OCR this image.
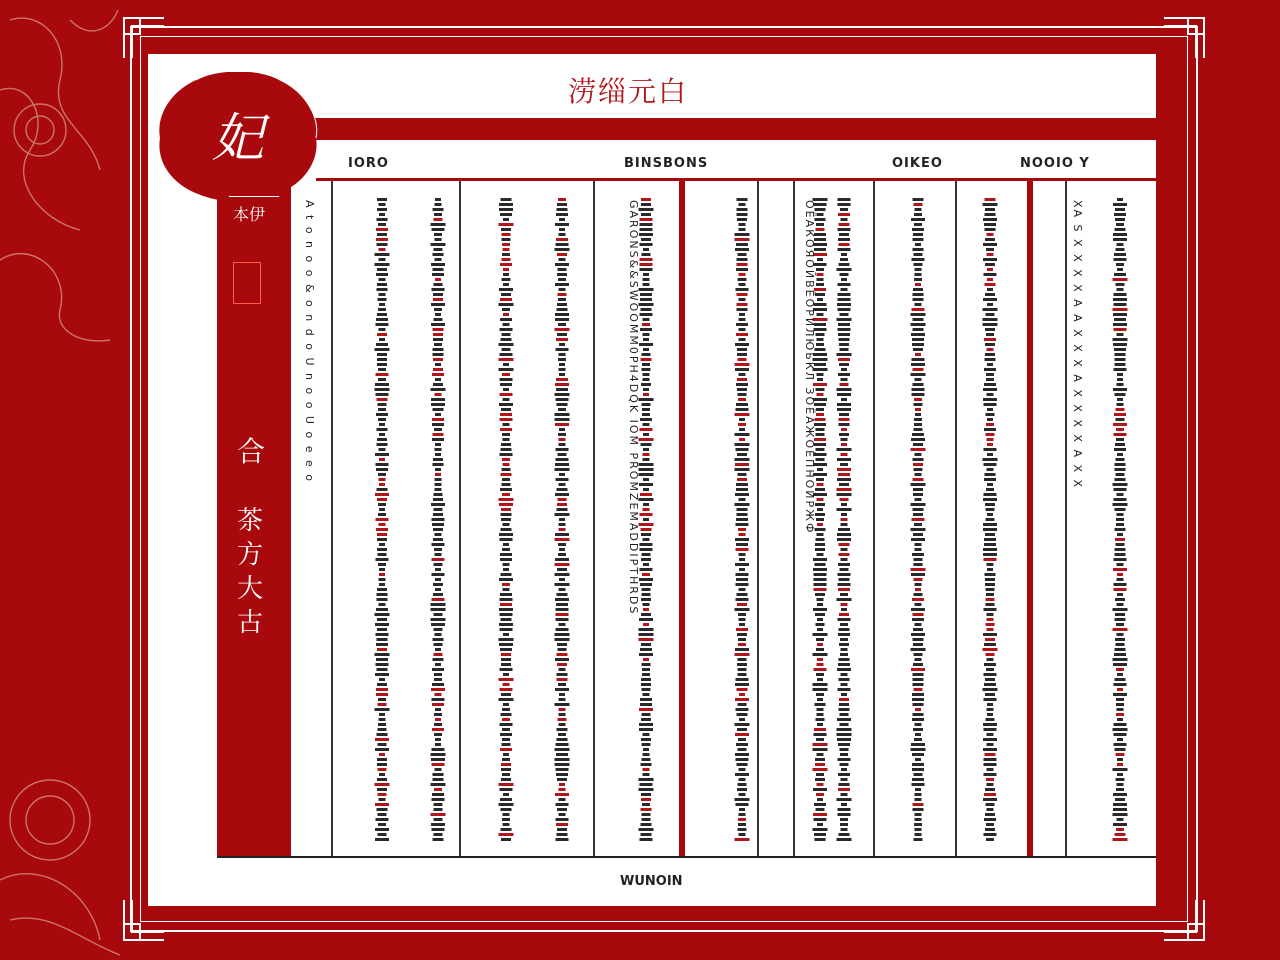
涝缁元白
妃
本伊
合
茶方大古
IORO	BINSBONS	OIKEO	NOOIO Y
A t o n o o & o n d o U n o o U o e e o	GARONS&&SWOOMM0PH4DQK IOM PROMZEMADDIPTHRDS	ОЁАКОЯОЙВЁОРИЛЮЬКЛ ЗОЁАЖОЁПНОЙРЖФ	XA S X X X X A A X X X A X X X X A X X
WUNOIN
